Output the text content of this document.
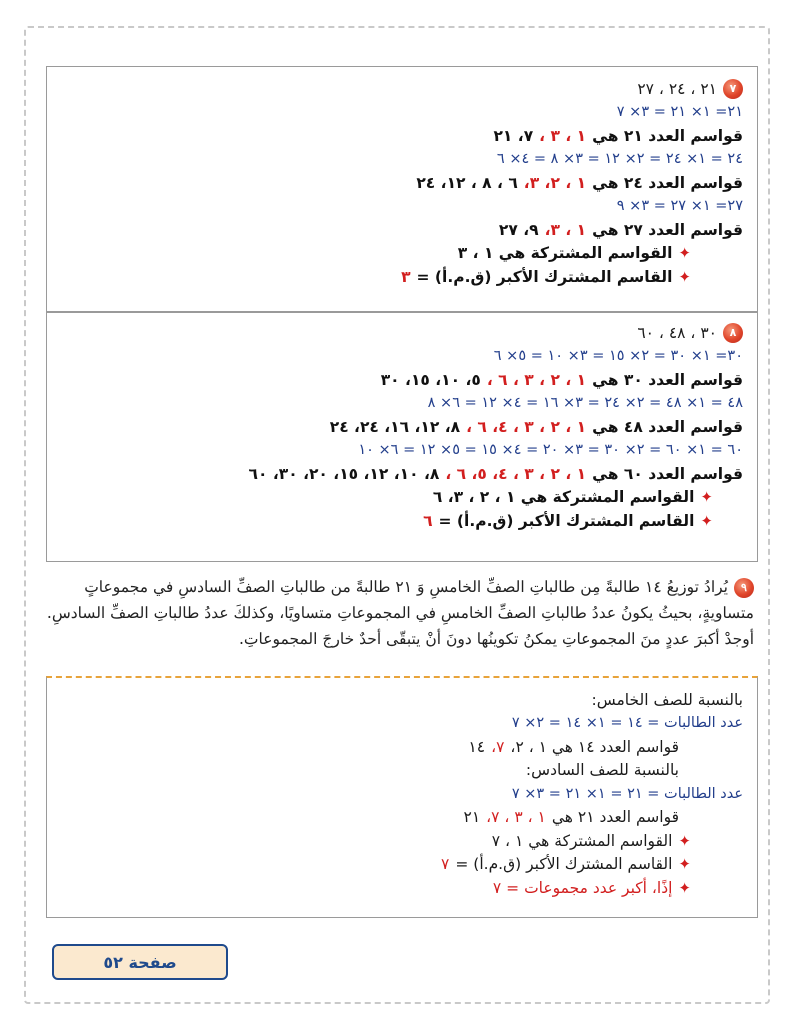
٧
٢١ ، ٢٤ ، ٢٧
٢١= ١× ٢١ = ٣× ٧
قواسم العدد ٢١ هي
١ ، ٣ ،
٧، ٢١
٢٤ = ١× ٢٤ = ٢× ١٢ = ٣× ٨ = ٤× ٦
قواسم العدد ٢٤ هي
١ ، ٢، ٣،
٦ ، ٨ ، ١٢، ٢٤
٢٧= ١× ٢٧ = ٣× ٩
قواسم العدد ٢٧ هي
١ ، ٣،
٩، ٢٧
✦
القواسم المشتركة هي ١ ، ٣
✦
القاسم المشترك الأكبر (ق.م.أ) =
٣
٨
٣٠ ، ٤٨ ، ٦٠
٣٠= ١× ٣٠ = ٢× ١٥ = ٣× ١٠ = ٥× ٦
قواسم العدد ٣٠ هي
١ ، ٢ ، ٣ ، ٦ ،
٥، ١٠، ١٥، ٣٠
٤٨ = ١× ٤٨ = ٢× ٢٤ = ٣× ١٦ = ٤× ١٢ = ٦× ٨
قواسم العدد ٤٨ هي
١ ، ٢ ، ٣ ، ٤، ٦ ،
٨، ١٢، ١٦، ٢٤، ٢٤
٦٠ = ١× ٦٠ = ٢× ٣٠ = ٣× ٢٠ = ٤× ١٥ = ٥× ١٢ = ٦× ١٠
قواسم العدد ٦٠ هي
١ ، ٢ ، ٣ ، ٤، ٥، ٦ ،
٨، ١٠، ١٢، ١٥، ٢٠، ٣٠، ٦٠
✦
القواسم المشتركة هي ١ ، ٢ ، ٣، ٦
✦
القاسم المشترك الأكبر (ق.م.أ) =
٦
٩يُرادُ توزيعُ ١٤ طالبةً مِن طالباتِ الصفِّ الخامسِ وَ ٢١ طالبةً من طالباتِ الصفِّ السادسِ في مجموعاتٍ متساويةٍ، بحيثُ يكونُ عددُ طالباتِ الصفِّ الخامسِ في المجموعاتِ متساويًا، وكذلكَ عددُ طالباتِ الصفِّ السادسِ. أوجدْ أكبرَ عددٍ منَ المجموعاتِ يمكنُ تكوينُها دونَ أنْ يتبقّى أحدٌ خارجَ المجموعاتِ.
بالنسبة للصف الخامس:
عدد الطالبات = ١٤ = ١× ١٤ = ٢× ٧
قواسم العدد ١٤ هي ١ ، ٢،
٧،
١٤
بالنسبة للصف السادس:
عدد الطالبات = ٢١ = ١× ٢١ = ٣× ٧
قواسم العدد ٢١ هي
١ ، ٣ ، ٧،
٢١
✦
القواسم المشتركة هي ١ ، ٧
✦
القاسم المشترك الأكبر (ق.م.أ) =
٧
✦
إذًا، أكبر عدد مجموعات = ٧
صفحة ٥٢
